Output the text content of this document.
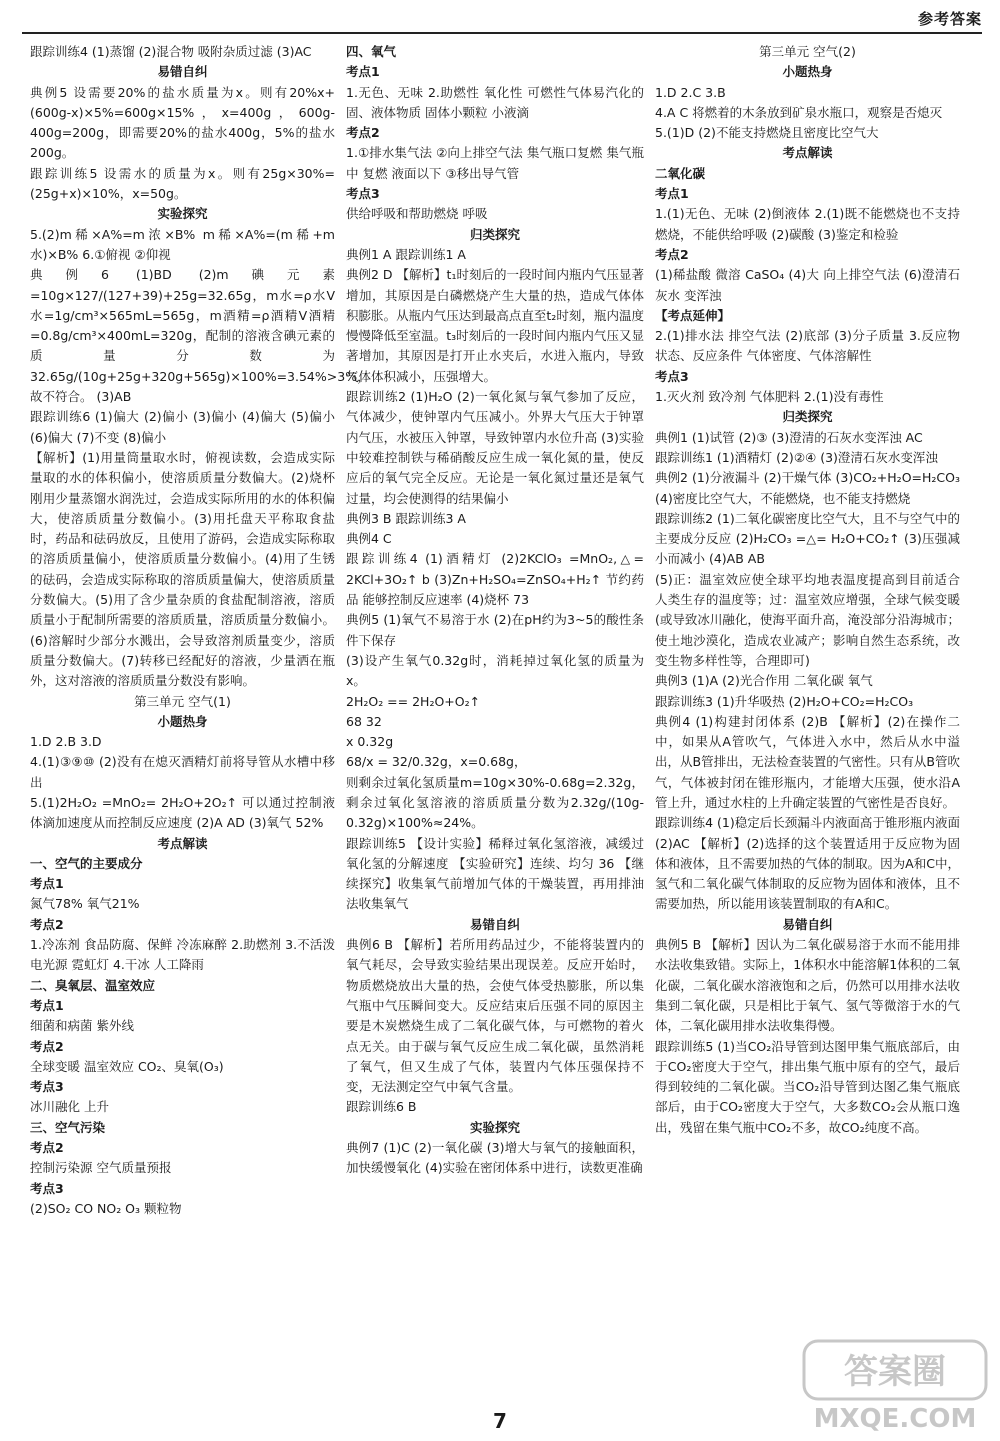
参考答案
跟踪训练4 (1)蒸馏 (2)混合物 吸附杂质过滤 (3)AC
易错自纠
典例5 设需要20%的盐水质量为x。则有20%x+(600g-x)×5%=600g×15%，x=400g，600g-400g=200g，即需要20%的盐水400g，5%的盐水200g。
跟踪训练5 设需水的质量为x。则有25g×30%=(25g+x)×10%，x=50g。
实验探究
5.(2)m稀×A%=m浓×B% m稀×A%=(m稀+m水)×B% 6.①俯视 ②仰视
典例6 (1)BD (2)m碘元素=10g×127/(127+39)+25g=32.65g，m水=ρ水V水=1g/cm³×565mL=565g，m酒精=ρ酒精V酒精=0.8g/cm³×400mL=320g，配制的溶液含碘元素的质量分数为32.65g/(10g+25g+320g+565g)×100%=3.54%>3%，故不符合。 (3)AB
跟踪训练6 (1)偏大 (2)偏小 (3)偏小 (4)偏大 (5)偏小 (6)偏大 (7)不变 (8)偏小
【解析】(1)用量筒量取水时，俯视读数，会造成实际量取的水的体积偏小，使溶质质量分数偏大。(2)烧杯刚用少量蒸馏水润洗过，会造成实际所用的水的体积偏大，使溶质质量分数偏小。(3)用托盘天平称取食盐时，药品和砝码放反，且使用了游码，会造成实际称取的溶质质量偏小，使溶质质量分数偏小。(4)用了生锈的砝码，会造成实际称取的溶质质量偏大，使溶质质量分数偏大。(5)用了含少量杂质的食盐配制溶液，溶质质量小于配制所需要的溶质质量，溶质质量分数偏小。(6)溶解时少部分水溅出，会导致溶剂质量变少，溶质质量分数偏大。(7)转移已经配好的溶液，少量洒在瓶外，这对溶液的溶质质量分数没有影响。
第三单元 空气(1)
小题热身
1.D 2.B 3.D
4.(1)③⑨⑩ (2)没有在熄灭酒精灯前将导管从水槽中移出
5.(1)2H₂O₂ =MnO₂= 2H₂O+2O₂↑ 可以通过控制液体滴加速度从而控制反应速度 (2)A AD (3)氧气 52%
考点解读
一、空气的主要成分
考点1
氮气78% 氧气21%
考点2
1.冷冻剂 食品防腐、保鲜 冷冻麻醉 2.助燃剂 3.不活泼 电光源 霓虹灯 4.干冰 人工降雨
二、臭氧层、温室效应
考点1
细菌和病菌 紫外线
考点2
全球变暖 温室效应 CO₂、臭氧(O₃)
考点3
冰川融化 上升
三、空气污染
考点2
控制污染源 空气质量预报
考点3
(2)SO₂ CO NO₂ O₃ 颗粒物
四、氧气
考点1
1.无色、无味 2.助燃性 氧化性 可燃性气体易汽化的固、液体物质 固体小颗粒 小液滴
考点2
1.①排水集气法 ②向上排空气法 集气瓶口复燃 集气瓶中 复燃 液面以下 ③移出导气管
考点3
供给呼吸和帮助燃烧 呼吸
归类探究
典例1 A 跟踪训练1 A
典例2 D 【解析】t₁时刻后的一段时间内瓶内气压显著增加，其原因是白磷燃烧产生大量的热，造成气体体积膨胀。从瓶内气压达到最高点直至t₂时刻，瓶内温度慢慢降低至室温。t₃时刻后的一段时间内瓶内气压又显著增加，其原因是打开止水夹后，水进入瓶内，导致气体体积减小，压强增大。
跟踪训练2 (1)H₂O (2)一氧化氮与氧气参加了反应，气体减少，使钟罩内气压减小。外界大气压大于钟罩内气压，水被压入钟罩，导致钟罩内水位升高 (3)实验中较难控制铁与稀硝酸反应生成一氧化氮的量，使反应后的氧气完全反应。无论是一氧化氮过量还是氧气过量，均会使测得的结果偏小
典例3 B 跟踪训练3 A
典例4 C
跟踪训练4 (1)酒精灯 (2)2KClO₃ =MnO₂,△= 2KCl+3O₂↑ b (3)Zn+H₂SO₄=ZnSO₄+H₂↑ 节约药品 能够控制反应速率 (4)烧杯 73
典例5 (1)氧气不易溶于水 (2)在pH约为3~5的酸性条件下保存
(3)设产生氧气0.32g时，消耗掉过氧化氢的质量为x。
2H₂O₂ == 2H₂O+O₂↑
68 32
x 0.32g
68/x = 32/0.32g，x=0.68g，
则剩余过氧化氢质量m=10g×30%-0.68g=2.32g，剩余过氧化氢溶液的溶质质量分数为2.32g/(10g-0.32g)×100%≈24%。
跟踪训练5 【设计实验】稀释过氧化氢溶液，减缓过氧化氢的分解速度 【实验研究】连续、均匀 36 【继续探究】收集氧气前增加气体的干燥装置，再用排油法收集氧气
易错自纠
典例6 B 【解析】若所用药品过少，不能将装置内的氧气耗尽，会导致实验结果出现误差。反应开始时，物质燃烧放出大量的热，会使气体受热膨胀，所以集气瓶中气压瞬间变大。反应结束后压强不同的原因主要是木炭燃烧生成了二氧化碳气体，与可燃物的着火点无关。由于碳与氧气反应生成二氧化碳，虽然消耗了氧气，但又生成了气体，装置内气体压强保持不变，无法测定空气中氧气含量。
跟踪训练6 B
实验探究
典例7 (1)C (2)一氧化碳 (3)增大与氧气的接触面积，加快缓慢氧化 (4)实验在密闭体系中进行，读数更准确
第三单元 空气(2)
小题热身
1.D 2.C 3.B
4.A C 将燃着的木条放到矿泉水瓶口，观察是否熄灭
5.(1)D (2)不能支持燃烧且密度比空气大
考点解读
二氧化碳
考点1
1.(1)无色、无味 (2)倒液体 2.(1)既不能燃烧也不支持燃烧，不能供给呼吸 (2)碳酸 (3)鉴定和检验
考点2
(1)稀盐酸 微溶 CaSO₄ (4)大 向上排空气法 (6)澄清石灰水 变浑浊
【考点延伸】
2.(1)排水法 排空气法 (2)底部 (3)分子质量 3.反应物状态、反应条件 气体密度、气体溶解性
考点3
1.灭火剂 致冷剂 气体肥料 2.(1)没有毒性
归类探究
典例1 (1)试管 (2)③ (3)澄清的石灰水变浑浊 AC
跟踪训练1 (1)酒精灯 (2)②④ (3)澄清石灰水变浑浊
典例2 (1)分液漏斗 (2)干燥气体 (3)CO₂+H₂O=H₂CO₃ (4)密度比空气大，不能燃烧，也不能支持燃烧
跟踪训练2 (1)二氧化碳密度比空气大，且不与空气中的主要成分反应 (2)H₂CO₃ =△= H₂O+CO₂↑ (3)压强减小而减小 (4)AB AB
(5)正：温室效应使全球平均地表温度提高到目前适合人类生存的温度等；过：温室效应增强，全球气候变暖(或导致冰川融化，使海平面升高，淹没部分沿海城市；使土地沙漠化，造成农业减产；影响自然生态系统，改变生物多样性等，合理即可)
典例3 (1)A (2)光合作用 二氧化碳 氧气
跟踪训练3 (1)升华吸热 (2)H₂O+CO₂=H₂CO₃
典例4 (1)构建封闭体系 (2)B 【解析】(2)在操作二中，如果从A管吹气，气体进入水中，然后从水中溢出，从B管排出，无法检查装置的气密性。只有从B管吹气，气体被封闭在锥形瓶内，才能增大压强，使水沿A管上升，通过水柱的上升确定装置的气密性是否良好。
跟踪训练4 (1)稳定后长颈漏斗内液面高于锥形瓶内液面 (2)AC 【解析】(2)选择的这个装置适用于反应物为固体和液体，且不需要加热的气体的制取。因为A和C中，氢气和二氧化碳气体制取的反应物为固体和液体，且不需要加热，所以能用该装置制取的有A和C。
易错自纠
典例5 B 【解析】因认为二氧化碳易溶于水而不能用排水法收集致错。实际上，1体积水中能溶解1体积的二氧化碳，二氧化碳水溶液饱和之后，仍然可以用排水法收集到二氧化碳，只是相比于氧气、氢气等微溶于水的气体，二氧化碳用排水法收集得慢。
跟踪训练5 (1)当CO₂沿导管到达图甲集气瓶底部后，由于CO₂密度大于空气，排出集气瓶中原有的空气，最后得到较纯的二氧化碳。当CO₂沿导管到达图乙集气瓶底部后，由于CO₂密度大于空气，大多数CO₂会从瓶口逸出，残留在集气瓶中CO₂不多，故CO₂纯度不高。
7
答案圈
MXQE.COM
